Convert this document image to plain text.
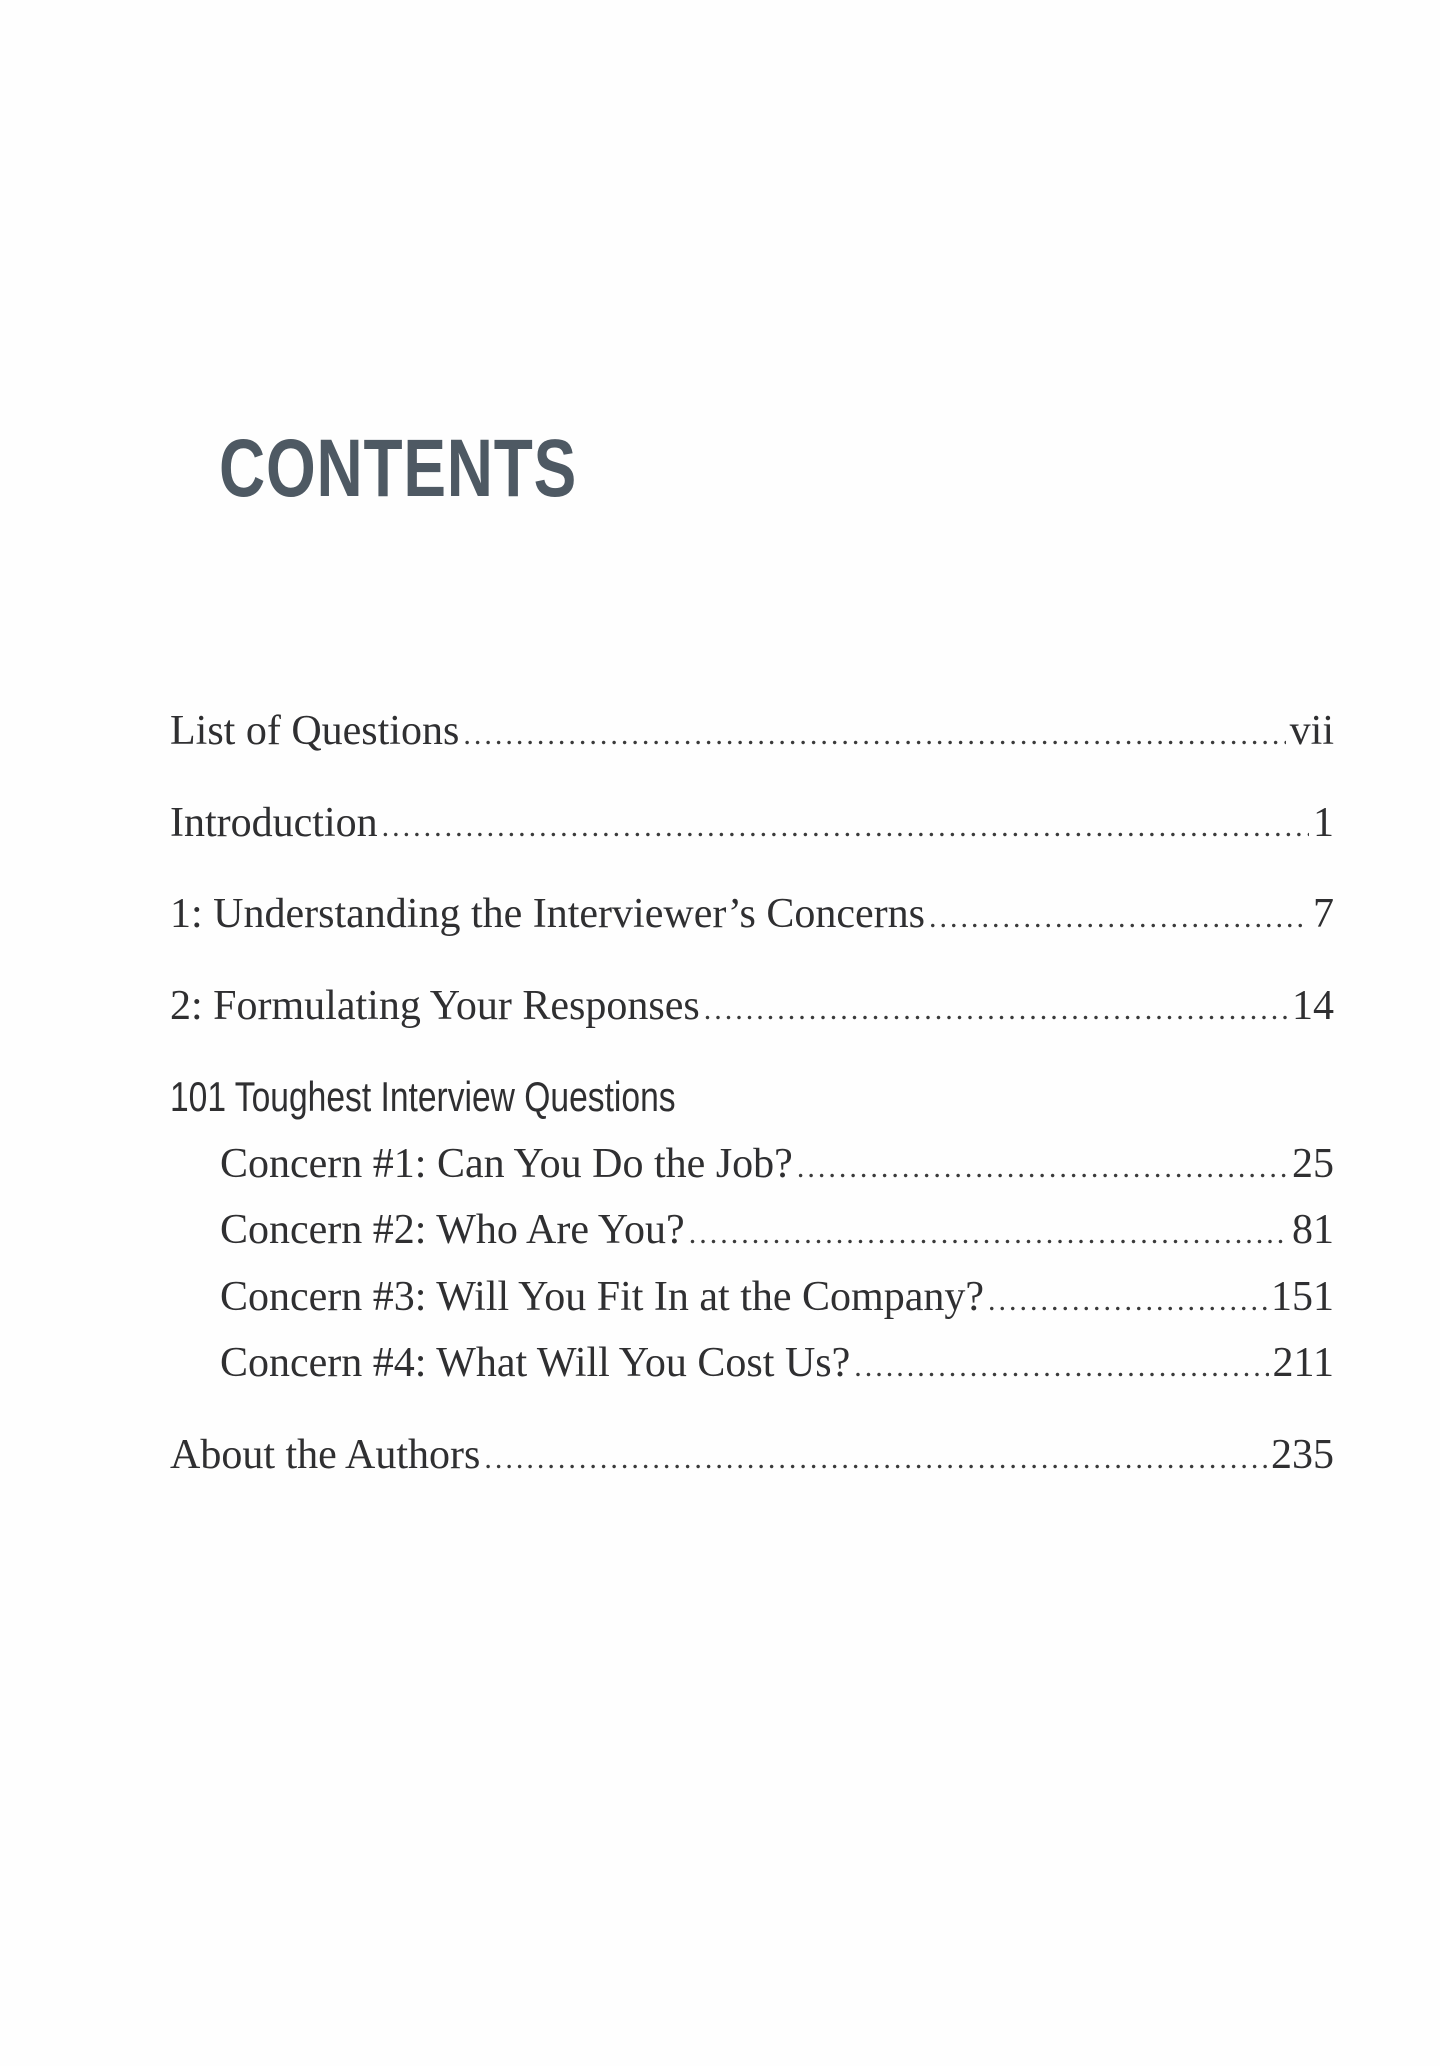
CONTENTS
List of Questions .....	vii
Introduction .....	1
1: Understanding the Interviewer’s Concerns .....	7
2: Formulating Your Responses .....	14
101 Toughest Interview Questions
Concern #1: Can You Do the Job? .....	25
Concern #2: Who Are You? .....	81
Concern #3: Will You Fit In at the Company? .....	151
Concern #4: What Will You Cost Us? .....	211
About the Authors .....	235
